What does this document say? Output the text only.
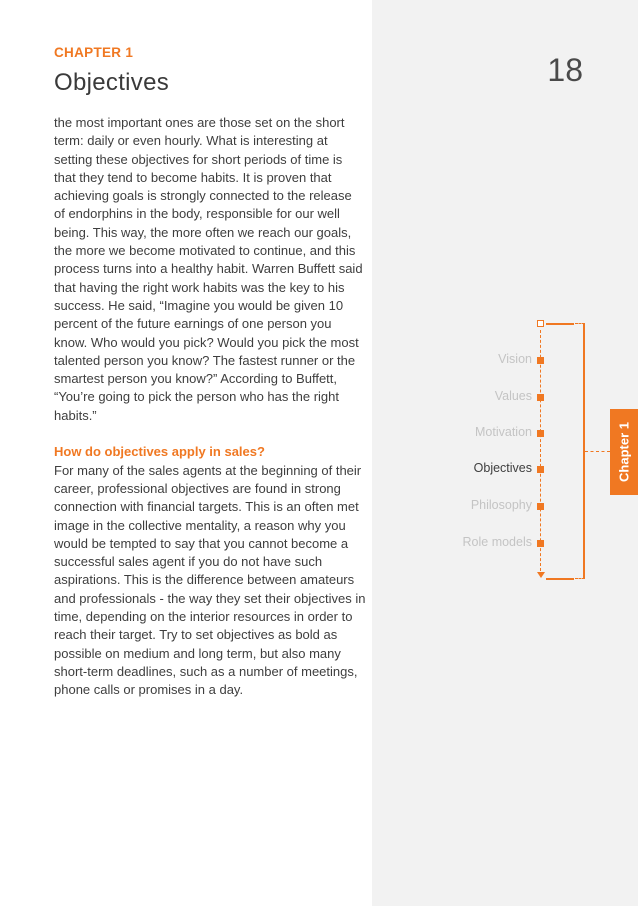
CHAPTER 1
Objectives

the most important ones are those set on the short term: daily or even hourly. What is interesting at setting these objectives for short periods of time is that they tend to become habits. It is proven that achieving goals is strongly connected to the release of endorphins in the body, responsible for our well being. This way, the more often we reach our goals, the more we become motivated to continue, and this process turns into a healthy habit. Warren Buffett said that having the right work habits was the key to his success. He said, “Imagine you would be given 10 percent of the future earnings of one person you know. Who would you pick? Would you pick the most talented person you know? The fastest runner or the smartest person you know?” According to Buffett, “You’re going to pick the person who has the right habits.”

How do objectives apply in sales?

For many of the sales agents at the beginning of their career, professional objectives are found in strong connection with financial targets. This is an often met image in the collective mentality, a reason why you would be tempted to say that you cannot become a successful sales agent if you do not have such aspirations. This is the difference between amateurs and professionals - the way they set their objectives in time, depending on the interior resources in order to reach their target. Try to set objectives as bold as possible on medium and long term, but also many short-term deadlines, such as a number of meetings, phone calls or promises in a day.

18
Vision
Values
Motivation
Objectives
Philosophy
Role models
Chapter 1
